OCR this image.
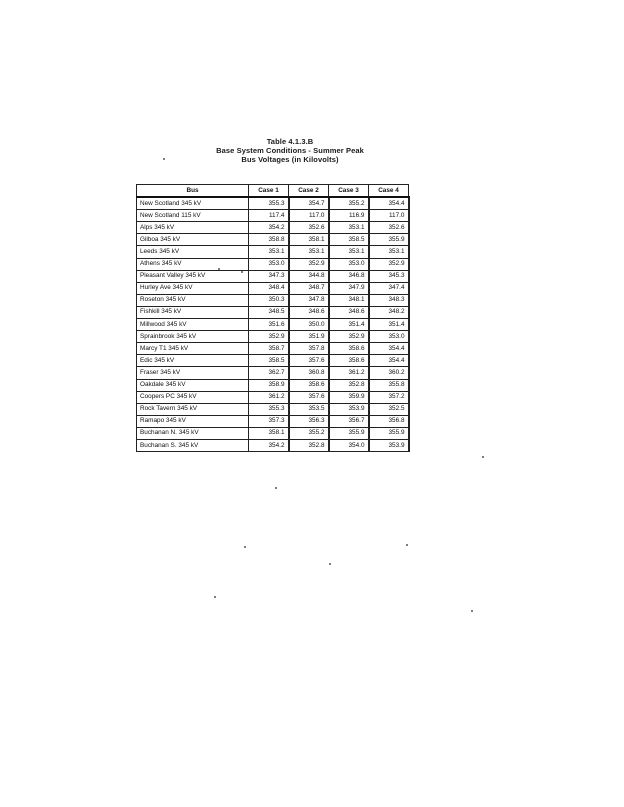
Table 4.1.3.B
Base System Conditions - Summer Peak
Bus Voltages (in Kilovolts)
Bus	Case 1	Case 2	Case 3	Case 4
New Scotland 345 kV	355.3	354.7	355.2	354.4
New Scotland 115 kV	117.4	117.0	116.9	117.0
Alps 345 kV	354.2	352.6	353.1	352.6
Gilboa 345 kV	358.8	358.1	358.5	355.9
Leeds 345 kV	353.1	353.1	353.1	353.1
Athens 345 kV	353.0	352.9	353.0	352.9
Pleasant Valley 345 kV	347.3	344.8	346.8	345.3
Hurley Ave 345 kV	348.4	348.7	347.9	347.4
Roseton 345 kV	350.3	347.8	348.1	348.3
Fishkill 345 kV	348.5	348.6	348.6	348.2
Millwood 345 kV	351.6	350.0	351.4	351.4
Sprainbrook 345 kV	352.9	351.9	352.9	353.0
Marcy T1 345 kV	358.7	357.8	358.6	354.4
Edic 345 kV	358.5	357.6	358.6	354.4
Fraser 345 kV	362.7	360.8	361.2	360.2
Oakdale 345 kV	358.9	358.6	352.8	355.8
Coopers PC 345 kV	361.2	357.6	359.9	357.2
Rock Tavern 345 kV	355.3	353.5	353.9	352.5
Ramapo 345 kV	357.3	356.3	356.7	356.8
Buchanan N. 345 kV	358.1	355.2	355.9	355.9
Buchanan S. 345 kV	354.2	352.8	354.0	353.9
